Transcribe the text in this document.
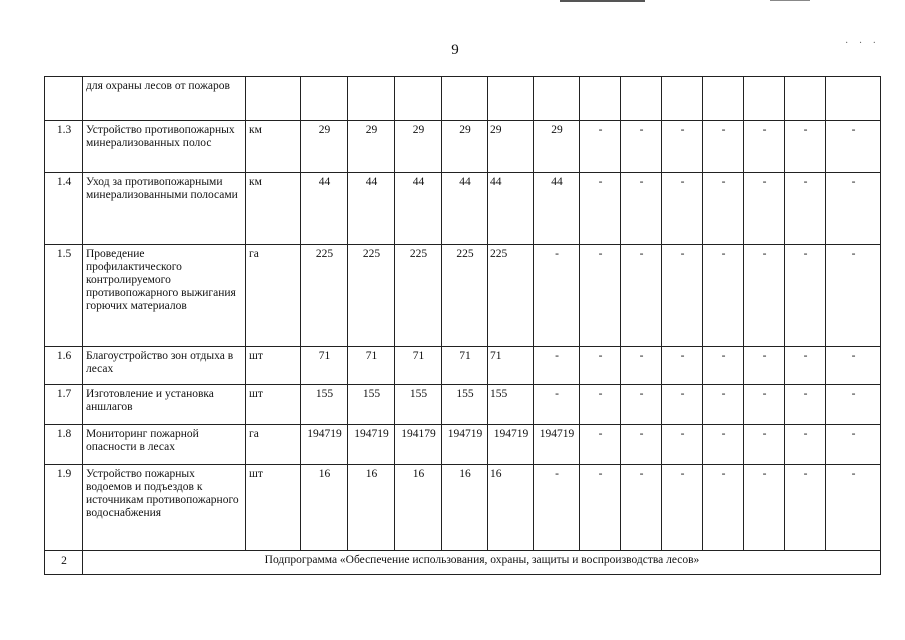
· · ·
9
	для охраны лесов от пожаров														
1.3	Устройство противопожарных минерализованных полос	км	29	29	29	29	29	29	-	-	-	-	-	-	-
1.4	Уход за противопожарными минерализованными полосами	км	44	44	44	44	44	44	-	-	-	-	-	-	-
1.5	Проведение профилактического контролируемого противопожарного выжигания горючих материалов	га	225	225	225	225	225	-	-	-	-	-	-	-	-
1.6	Благоустройство зон отдыха в лесах	шт	71	71	71	71	71	-	-	-	-	-	-	-	-
1.7	Изготовление и установка аншлагов	шт	155	155	155	155	155	-	-	-	-	-	-	-	-
1.8	Мониторинг пожарной опасности в лесах	га	194719	194719	194179	194719	194719	194719	-	-	-	-	-	-	-
1.9	Устройство пожарных водоемов и подъездов к источникам противопожарного водоснабжения	шт	16	16	16	16	16	-	-	-	-	-	-	-	-
2	Подпрограмма «Обеспечение использования, охраны, защиты и воспроизводства лесов»														
